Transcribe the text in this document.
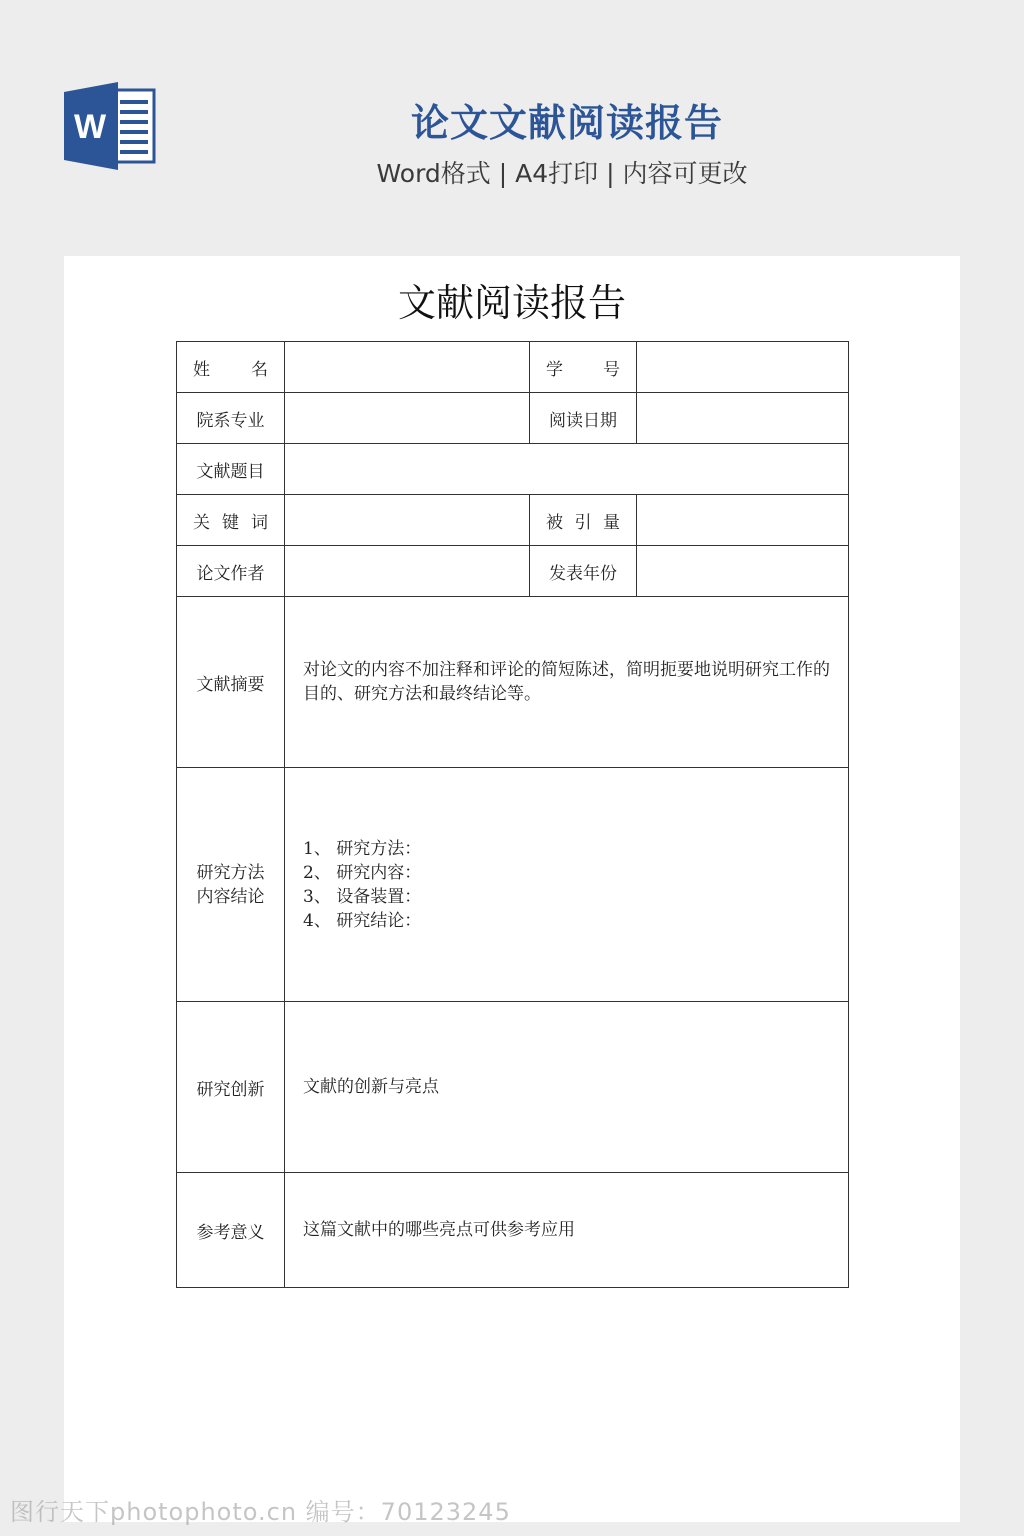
W	论文文献阅读报告
Word格式 | A4打印 | 内容可更改
文献阅读报告
姓 名		学 号	

院系专业		阅读日期	
文献题目			

关 键 词		被 引 量	

论文作者		发表年份	
文献摘要	对论文的内容不加注释和评论的简短陈述，简明扼要地说明研究工作的目的、研究方法和最终结论等。		

研究方法
内容结论	1、 研究方法：
2、 研究内容：
3、 设备装置：
4、 研究结论：		

研究创新	文献的创新与亮点		
参考意义	这篇文献中的哪些亮点可供参考应用		
图行天下photophoto.cn 编号：70123245
